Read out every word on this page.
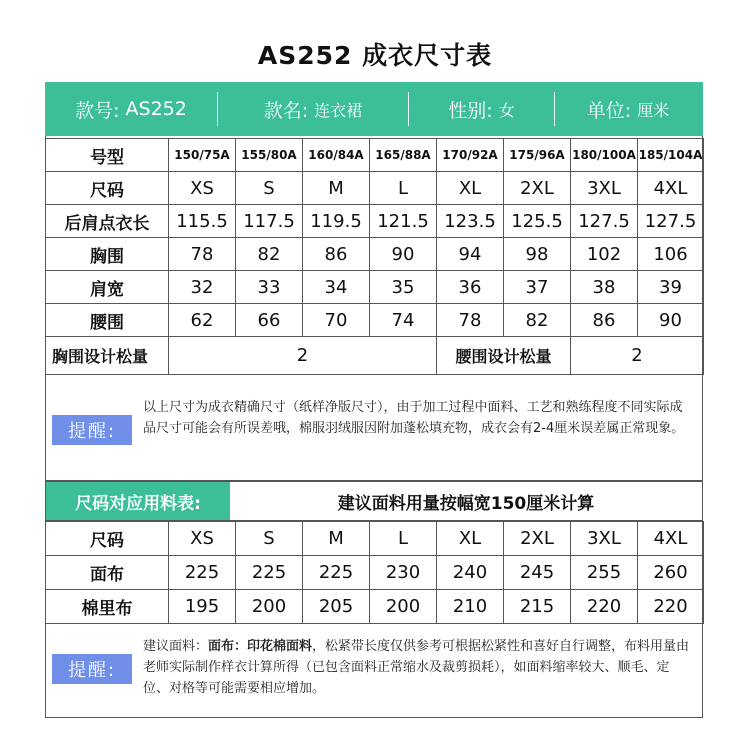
AS252 成衣尺寸表
款号: AS252	款名: 连衣裙	性别: 女	单位: 厘米
号型	150/75A	155/80A	160/84A	165/88A	170/92A	175/96A	180/100A	185/104A
尺码	XS	S	M	L	XL	2XL	3XL	4XL
后肩点衣长	115.5	117.5	119.5	121.5	123.5	125.5	127.5	127.5
胸围	78	82	86	90	94	98	102	106
肩宽	32	33	34	35	36	37	38	39
腰围	62	66	70	74	78	82	86	90
胸围设计松量	2				腰围设计松量		2	
提醒:
以上尺寸为成衣精确尺寸（纸样净版尺寸），由于加工过程中面料、工艺和熟练程度不同实际成品尺寸可能会有所误差哦，棉服羽绒服因附加蓬松填充物，成衣会有2-4厘米误差属正常现象。
尺码对应用料表:	建议面料用量按幅宽150厘米计算
尺码	XS	S	M	L	XL	2XL	3XL	4XL
面布	225	225	225	230	240	245	255	260
棉里布	195	200	205	200	210	215	220	220
提醒:
建议面料：面布：印花棉面料，松紧带长度仅供参考可根据松紧性和喜好自行调整，布料用量由老师实际制作样衣计算所得（已包含面料正常缩水及裁剪损耗），如面料缩率较大、顺毛、定位、对格等可能需要相应增加。
